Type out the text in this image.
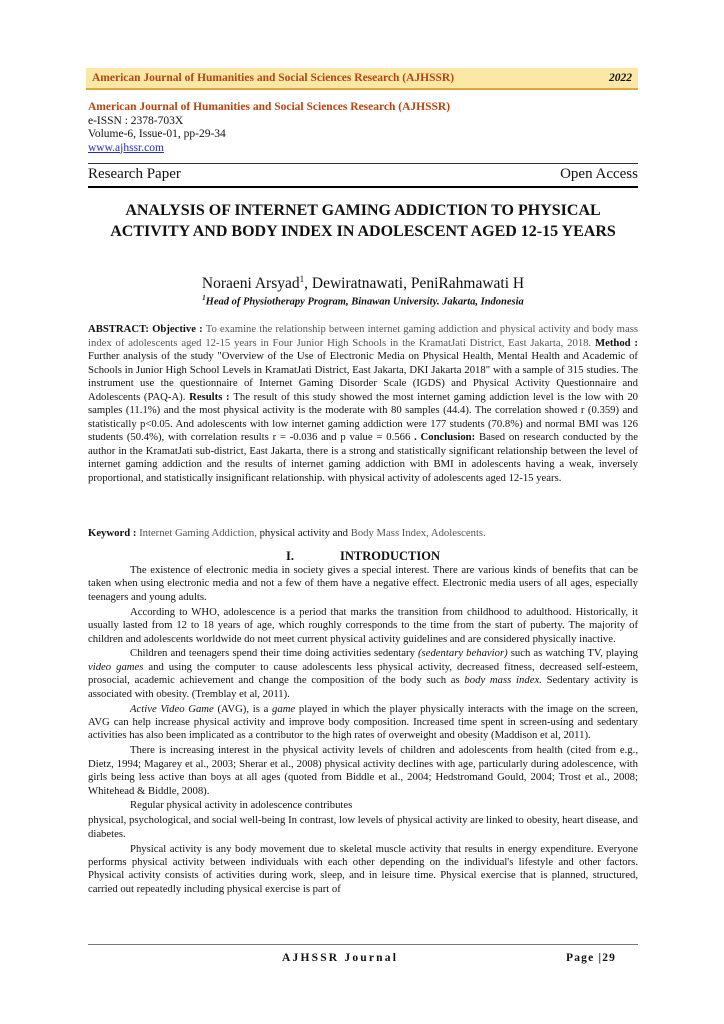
American Journal of Humanities and Social Sciences Research (AJHSSR)	2022
American Journal of Humanities and Social Sciences Research (AJHSSR)
e-ISSN : 2378-703X
Volume-6, Issue-01, pp-29-34
www.ajhssr.com
Research Paper	Open Access
ANALYSIS OF INTERNET GAMING ADDICTION TO PHYSICAL ACTIVITY AND BODY INDEX IN ADOLESCENT AGED 12-15 YEARS
Noraeni Arsyad$^1$, Dewiratnawati, PeniRahmawati H
$^1$Head of Physiotherapy Program, Binawan University. Jakarta, Indonesia
ABSTRACT: Objective : To examine the relationship between internet gaming addiction and physical activity and body mass index of adolescents aged 12-15 years in Four Junior High Schools in the KramatJati District, East Jakarta, 2018. Method : Further analysis of the study "Overview of the Use of Electronic Media on Physical Health, Mental Health and Academic of Schools in Junior High School Levels in KramatJati District, East Jakarta, DKI Jakarta 2018" with a sample of 315 studies. The instrument use the questionnaire of Internet Gaming Disorder Scale (IGDS) and Physical Activity Questionnaire and Adolescents (PAQ-A). Results : The result of this study showed the most internet gaming addiction level is the low with 20 samples (11.1%) and the most physical activity is the moderate with 80 samples (44.4). The correlation showed r (0.359) and statistically p<0.05. And adolescents with low internet gaming addiction were 177 students (70.8%) and normal BMI was 126 students (50.4%), with correlation results r = -0.036 and p value = 0.566 . Conclusion: Based on research conducted by the author in the KramatJati sub-district, East Jakarta, there is a strong and statistically significant relationship between the level of internet gaming addiction and the results of internet gaming addiction with BMI in adolescents having a weak, inversely proportional, and statistically insignificant relationship. with physical activity of adolescents aged 12-15 years.
Keyword : Internet Gaming Addiction, physical activity and Body Mass Index, Adolescents.
I.	INTRODUCTION

The existence of electronic media in society gives a special interest. There are various kinds of benefits that can be taken when using electronic media and not a few of them have a negative effect. Electronic media users of all ages, especially teenagers and young adults.

According to WHO, adolescence is a period that marks the transition from childhood to adulthood. Historically, it usually lasted from 12 to 18 years of age, which roughly corresponds to the time from the start of puberty. The majority of children and adolescents worldwide do not meet current physical activity guidelines and are considered physically inactive.

Children and teenagers spend their time doing activities sedentary (sedentary behavior) such as watching TV, playing video games and using the computer to cause adolescents less physical activity, decreased fitness, decreased self-esteem, prosocial, academic achievement and change the composition of the body such as body mass index. Sedentary activity is associated with obesity. (Tremblay et al, 2011).

Active Video Game (AVG), is a game played in which the player physically interacts with the image on the screen, AVG can help increase physical activity and improve body composition. Increased time spent in screen-using and sedentary activities has also been implicated as a contributor to the high rates of overweight and obesity (Maddison et al, 2011).

There is increasing interest in the physical activity levels of children and adolescents from health (cited from e.g., Dietz, 1994; Magarey et al., 2003; Sherar et al., 2008) physical activity declines with age, particularly during adolescence, with girls being less active than boys at all ages (quoted from Biddle et al., 2004; Hedstromand Gould, 2004; Trost et al., 2008; Whitehead & Biddle, 2008).

Regular physical activity in adolescence contributes

physical, psychological, and social well-being In contrast, low levels of physical activity are linked to obesity, heart disease, and diabetes.

Physical activity is any body movement due to skeletal muscle activity that results in energy expenditure. Everyone performs physical activity between individuals with each other depending on the individual's lifestyle and other factors. Physical activity consists of activities during work, sleep, and in leisure time. Physical exercise that is planned, structured, carried out repeatedly including physical exercise is part of

AJHSSR Journal	Page |29
